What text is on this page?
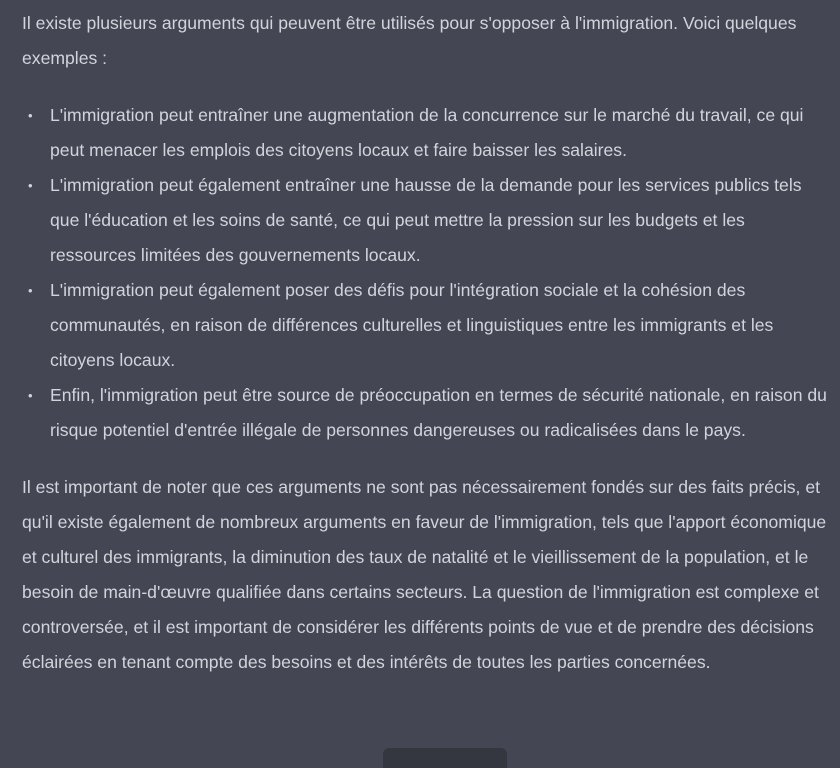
Il existe plusieurs arguments qui peuvent être utilisés pour s'opposer à l'immigration. Voici quelques exemples :

• L'immigration peut entraîner une augmentation de la concurrence sur le marché du travail, ce qui peut menacer les emplois des citoyens locaux et faire baisser les salaires.
• L'immigration peut également entraîner une hausse de la demande pour les services publics tels que l'éducation et les soins de santé, ce qui peut mettre la pression sur les budgets et les ressources limitées des gouvernements locaux.
• L'immigration peut également poser des défis pour l'intégration sociale et la cohésion des communautés, en raison de différences culturelles et linguistiques entre les immigrants et les citoyens locaux.
• Enfin, l'immigration peut être source de préoccupation en termes de sécurité nationale, en raison du risque potentiel d'entrée illégale de personnes dangereuses ou radicalisées dans le pays.

Il est important de noter que ces arguments ne sont pas nécessairement fondés sur des faits précis, et qu'il existe également de nombreux arguments en faveur de l'immigration, tels que l'apport économique et culturel des immigrants, la diminution des taux de natalité et le vieillissement de la population, et le besoin de main-d'œuvre qualifiée dans certains secteurs. La question de l'immigration est complexe et controversée, et il est important de considérer les différents points de vue et de prendre des décisions éclairées en tenant compte des besoins et des intérêts de toutes les parties concernées.
